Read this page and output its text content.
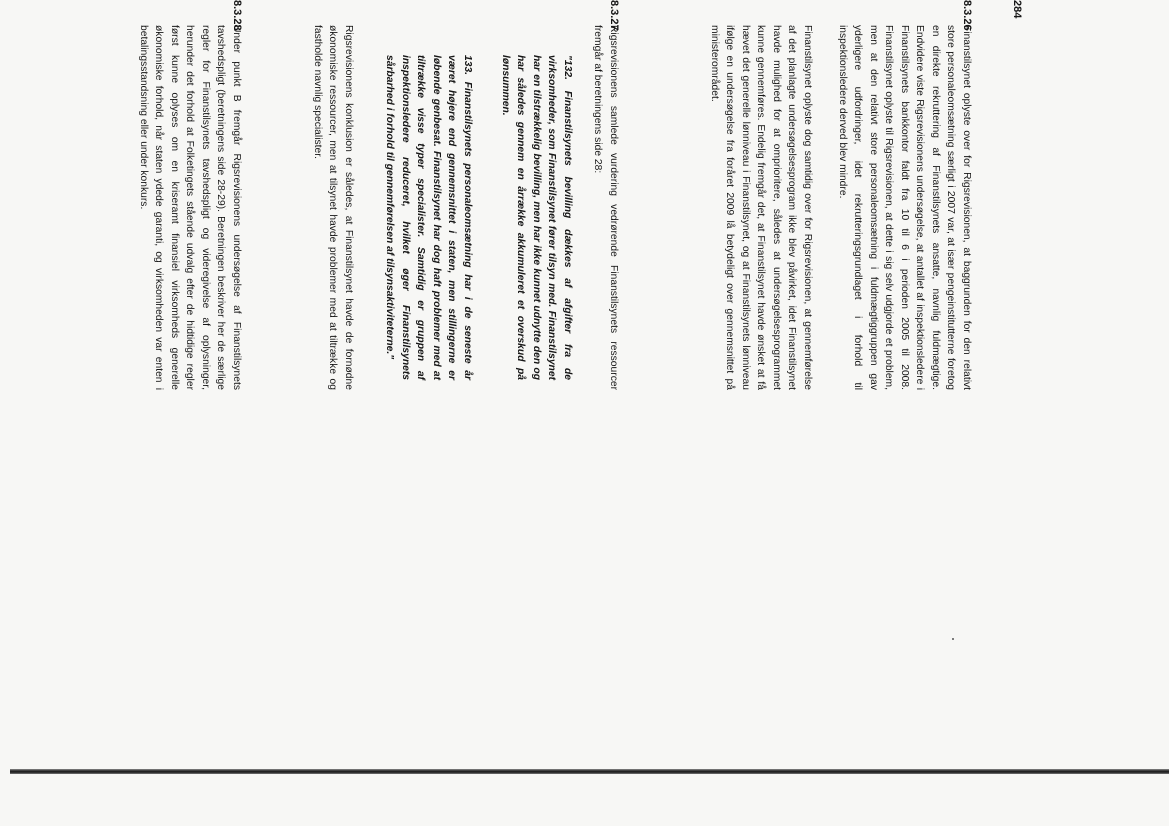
284
8.3.26

Finanstilsynet oplyste over for Rigsrevisionen, at baggrunden for den relativt store personaleomsætning særligt i 2007 var, at især pengeinstitutterne foretog en direkte rekruttering af Finanstilsynets ansatte, navnlig fuldmægtige. Endvidere viste Rigsrevisionens undersøgelse, at antallet af inspektionsledere i Finanstilsynets bankkontor faldt fra 10 til 6 i perioden 2005 til 2008. Finanstilsynet oplyste til Rigsrevisionen, at dette i sig selv udgjorde et problem, men at den relativt store personaleomsætning i fuldmægtiggruppen gav yderligere udfordringer, idet rekrutteringsgrundlaget i forhold til inspektionsledere derved blev mindre.

Finanstilsynet oplyste dog samtidig over for Rigsrevisionen, at gennemførelse af det planlagte undersøgelsesprogram ikke blev påvirket, idet Finanstilsynet havde mulighed for at omprioritere, således at undersøgelsesprogrammet kunne gennemføres. Endelig fremgår det, at Finanstilsynet havde ønsket at få hævet det generelle lønniveau i Finanstilsynet, og at Finanstilsynets lønniveau ifølge en undersøgelse fra foråret 2009 lå betydeligt over gennemsnittet på ministerområdet.

8.3.27

Rigsrevisionens samlede vurdering vedrørende Finanstilsynets ressourcer fremgår af beretningens side 28:

"132. Finanstilsynets bevilling dækkes af afgifter fra de virksomheder, som Finanstilsynet fører tilsyn med. Finanstilsynet har en tilstrækkelig bevilling, men har ikke kunnet udnytte den og har således gennem en årrække akkumuleret et overskud på lønsummen.

133. Finanstilsynets personaleomsætning har i de seneste år været højere end gennemsnittet i staten, men stillingerne er løbende genbesat. Finanstilsynet har dog haft problemer med at tiltrække visse typer specialister. Samtidig er gruppen af inspektionsledere reduceret, hvilket øger Finanstilsynets sårbarhed i forhold til gennemførelsen af tilsynsaktiviteterne."

Rigsrevisionens konklusion er således, at Finanstilsynet havde de fornødne økonomiske ressourcer, men at tilsynet havde problemer med at tiltrække og fastholde navnlig specialister.

8.3.28

Under punkt B fremgår Rigsrevisionens undersøgelse af Finanstilsynets tavshedspligt (beretningens side 28-29). Beretningen beskriver her de særlige regler for Finanstilsynets tavshedspligt og videregivelse af oplysninger, herunder det forhold at Folketingets stående udvalg efter de hidtidige regler først kunne oplyses om en kriseramt finansiel virksomheds generelle økonomiske forhold, når staten ydede garanti, og virksomheden var enten i betalingsstandsning eller under konkurs.
